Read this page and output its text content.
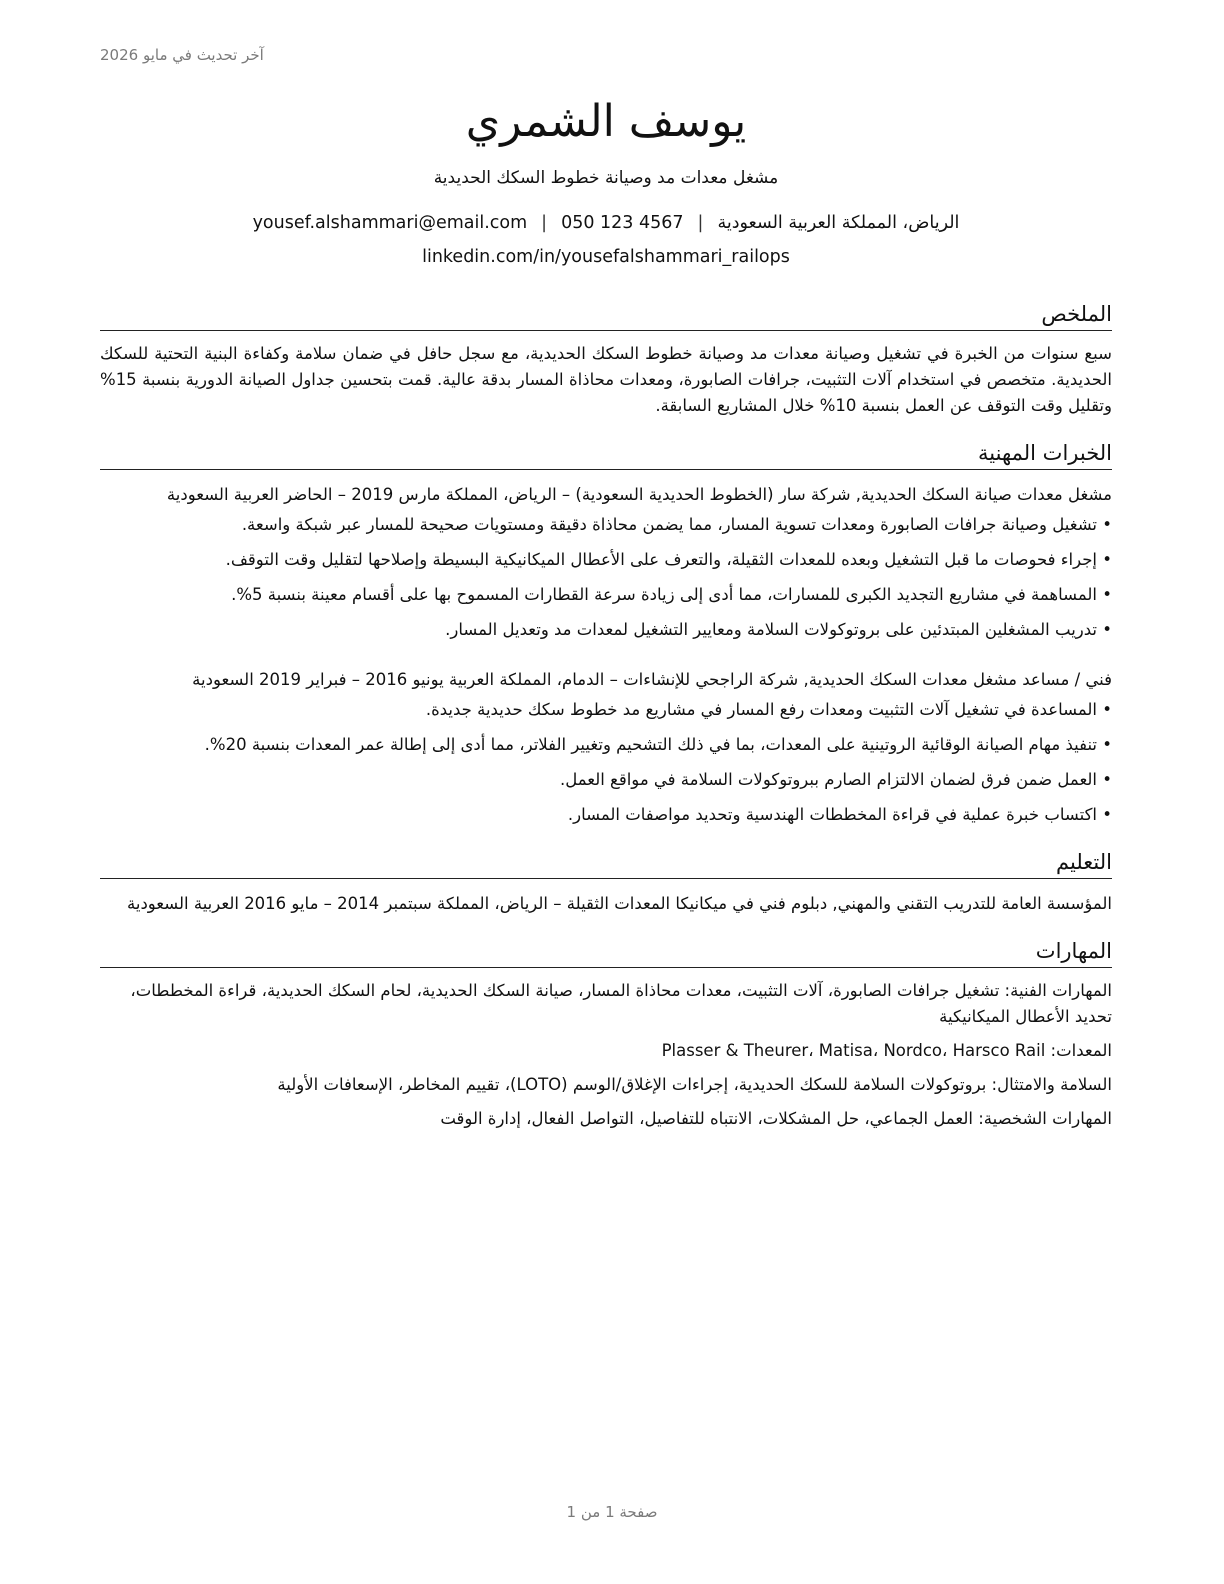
آخر تحديث في مايو 2026
يوسف الشمري
مشغل معدات مد وصيانة خطوط السكك الحديدية
الرياض، المملكة العربية السعودية|yousef.alshammari@email.com | 050 123 4567
linkedin.com/in/yousefalshammari_railops
الملخص
سبع سنوات من الخبرة في تشغيل وصيانة معدات مد وصيانة خطوط السكك الحديدية، مع سجل حافل في ضمان سلامة وكفاءة البنية التحتية للسكك الحديدية. متخصص في استخدام آلات التثبيت، جرافات الصابورة، ومعدات محاذاة المسار بدقة عالية. قمت بتحسين جداول الصيانة الدورية بنسبة 15% وتقليل وقت التوقف عن العمل بنسبة 10% خلال المشاريع السابقة.
الخبرات المهنية
مشغل معدات صيانة السكك الحديدية, شركة سار (الخطوط الحديدية السعودية) – الرياض، المملكة مارس 2019 – الحاضر العربية السعودية
• تشغيل وصيانة جرافات الصابورة ومعدات تسوية المسار، مما يضمن محاذاة دقيقة ومستويات صحيحة للمسار عبر شبكة واسعة.
• إجراء فحوصات ما قبل التشغيل وبعده للمعدات الثقيلة، والتعرف على الأعطال الميكانيكية البسيطة وإصلاحها لتقليل وقت التوقف.
• المساهمة في مشاريع التجديد الكبرى للمسارات، مما أدى إلى زيادة سرعة القطارات المسموح بها على أقسام معينة بنسبة 5%.
• تدريب المشغلين المبتدئين على بروتوكولات السلامة ومعايير التشغيل لمعدات مد وتعديل المسار.
فني / مساعد مشغل معدات السكك الحديدية, شركة الراجحي للإنشاءات – الدمام، المملكة العربية يونيو 2016 – فبراير 2019 السعودية
• المساعدة في تشغيل آلات التثبيت ومعدات رفع المسار في مشاريع مد خطوط سكك حديدية جديدة.
• تنفيذ مهام الصيانة الوقائية الروتينية على المعدات، بما في ذلك التشحيم وتغيير الفلاتر، مما أدى إلى إطالة عمر المعدات بنسبة 20%.
• العمل ضمن فرق لضمان الالتزام الصارم ببروتوكولات السلامة في مواقع العمل.
• اكتساب خبرة عملية في قراءة المخططات الهندسية وتحديد مواصفات المسار.
التعليم
المؤسسة العامة للتدريب التقني والمهني, دبلوم فني في ميكانيكا المعدات الثقيلة – الرياض، المملكة سبتمبر 2014 – مايو 2016 العربية السعودية
المهارات
المهارات الفنية: تشغيل جرافات الصابورة، آلات التثبيت، معدات محاذاة المسار، صيانة السكك الحديدية، لحام السكك الحديدية، قراءة المخططات، تحديد الأعطال الميكانيكية
المعدات: Plasser & Theurer، Matisa، Nordco، Harsco Rail
السلامة والامتثال: بروتوكولات السلامة للسكك الحديدية، إجراءات الإغلاق/الوسم (LOTO)، تقييم المخاطر، الإسعافات الأولية
المهارات الشخصية: العمل الجماعي، حل المشكلات، الانتباه للتفاصيل، التواصل الفعال، إدارة الوقت
صفحة 1 من 1
